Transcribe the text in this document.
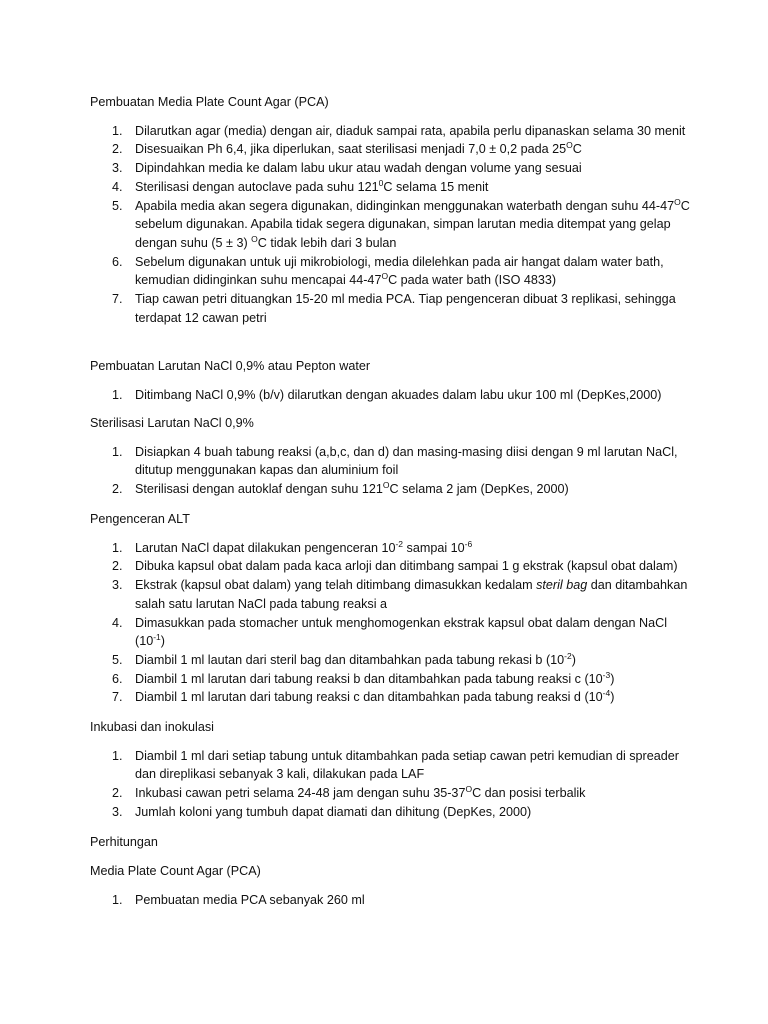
Pembuatan Media Plate Count Agar (PCA)

1. Dilarutkan agar (media) dengan air, diaduk sampai rata, apabila perlu dipanaskan selama 30 menit
2. Disesuaikan Ph 6,4, jika diperlukan, saat sterilisasi menjadi 7,0 ± 0,2 pada $25^OC$
3. Dipindahkan media ke dalam labu ukur atau wadah dengan volume yang sesuai
4. Sterilisasi dengan autoclave pada suhu $121^0C$ selama 15 menit
5. Apabila media akan segera digunakan, didinginkan menggunakan waterbath dengan suhu $44-47^OC$ sebelum digunakan. Apabila tidak segera digunakan, simpan larutan media ditempat yang gelap dengan suhu (5 ± 3) $^O$C tidak lebih dari 3 bulan
6. Sebelum digunakan untuk uji mikrobiologi, media dilelehkan pada air hangat dalam water bath, kemudian didinginkan suhu mencapai $44-47^OC$ pada water bath (ISO 4833)
7. Tiap cawan petri dituangkan 15-20 ml media PCA. Tiap pengenceran dibuat 3 replikasi, sehingga terdapat 12 cawan petri

Pembuatan Larutan NaCl 0,9% atau Pepton water

1. Ditimbang NaCl 0,9% (b/v) dilarutkan dengan akuades dalam labu ukur 100 ml (DepKes,2000)

Sterilisasi Larutan NaCl 0,9%

1. Disiapkan 4 buah tabung reaksi (a,b,c, dan d) dan masing-masing diisi dengan 9 ml larutan NaCl, ditutup menggunakan kapas dan aluminium foil
2. Sterilisasi dengan autoklaf dengan suhu $121^OC$ selama 2 jam (DepKes, 2000)

Pengenceran ALT

1. Larutan NaCl dapat dilakukan pengenceran $10^{-2}$ sampai $10^{-6}$
2. Dibuka kapsul obat dalam pada kaca arloji dan ditimbang sampai 1 g ekstrak (kapsul obat dalam)
3. Ekstrak (kapsul obat dalam) yang telah ditimbang dimasukkan kedalam steril bag dan ditambahkan salah satu larutan NaCl pada tabung reaksi a
4. Dimasukkan pada stomacher untuk menghomogenkan ekstrak kapsul obat dalam dengan NaCl $(10^{-1})$
5. Diambil 1 ml lautan dari steril bag dan ditambahkan pada tabung rekasi b $(10^{-2})$
6. Diambil 1 ml larutan dari tabung reaksi b dan ditambahkan pada tabung reaksi c $(10^{-3})$
7. Diambil 1 ml larutan dari tabung reaksi c dan ditambahkan pada tabung reaksi d $(10^{-4})$

Inkubasi dan inokulasi

1. Diambil 1 ml dari setiap tabung untuk ditambahkan pada setiap cawan petri kemudian di spreader dan direplikasi sebanyak 3 kali, dilakukan pada LAF
2. Inkubasi cawan petri selama 24-48 jam dengan suhu $35-37^OC$ dan posisi terbalik
3. Jumlah koloni yang tumbuh dapat diamati dan dihitung (DepKes, 2000)

Perhitungan

Media Plate Count Agar (PCA)

1. Pembuatan media PCA sebanyak 260 ml
